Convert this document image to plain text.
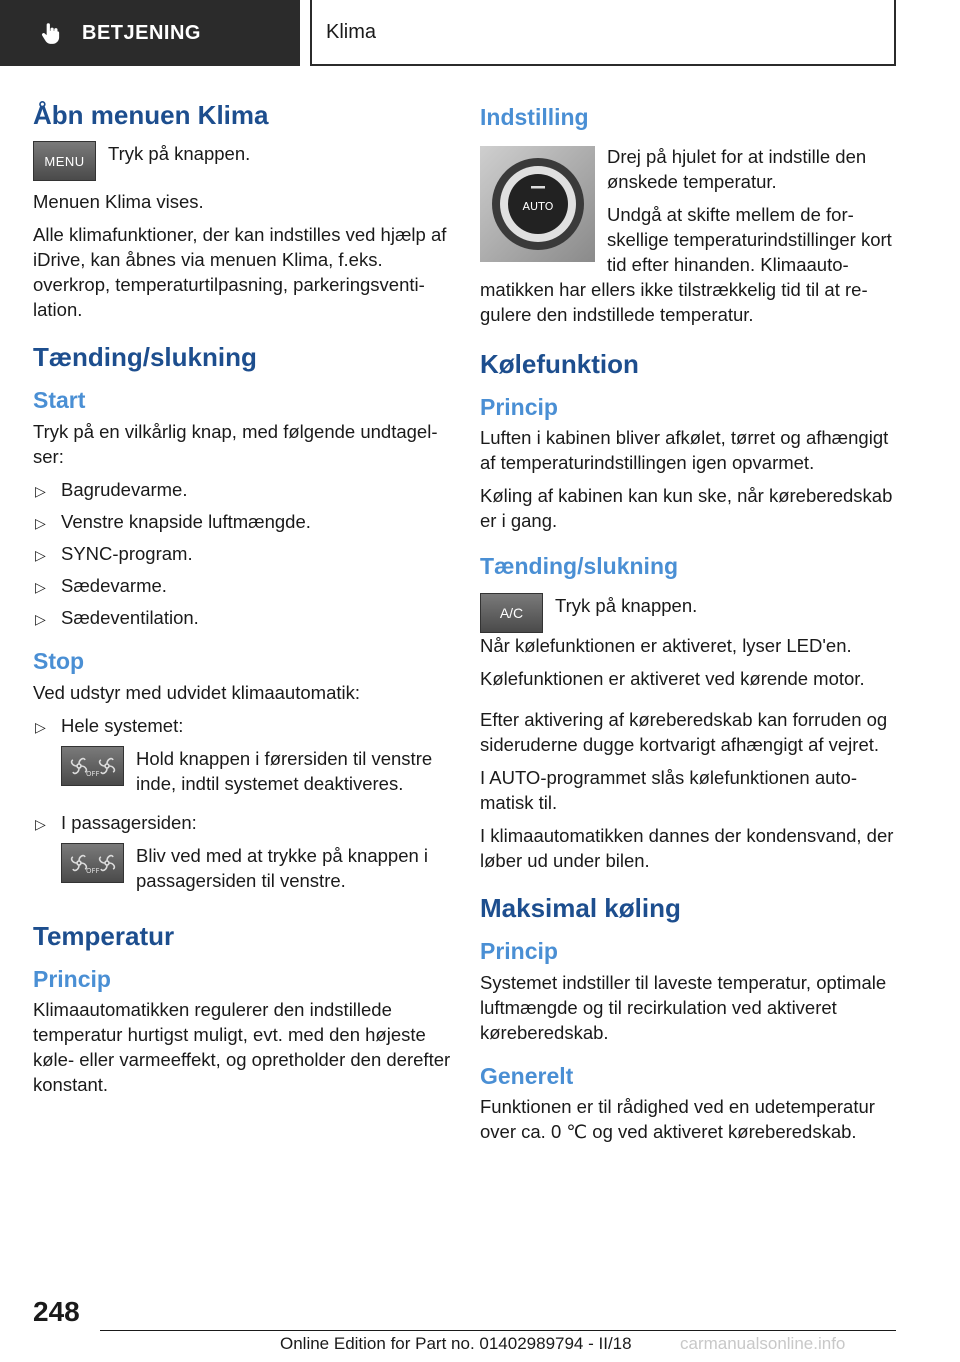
BETJENING	Klima
Åbn menuen Klima
MENU	Tryk på knappen.

Menuen Klima vises.

Alle klimafunktioner, der kan indstilles ved hjælp af iDrive, kan åbnes via menuen Klima, f.eks. overkrop, temperaturtilpasning, parkeringsventilation.

Tænding/slukning
Start

Tryk på en vilkårlig knap, med følgende undtagelser:

▷ Bagrudevarme.
▷ Venstre knapside luftmængde.
▷ SYNC-program.
▷ Sædevarme.
▷ Sædeventilation.
Stop

Ved udstyr med udvidet klimaautomatik:

▷ Hele systemet:
OFF

Hold knappen i førersiden til venstre inde, indtil systemet deaktiveres.

▷ I passagersiden:
OFF

Bliv ved med at trykke på knappen i passagersiden til venstre.

Temperatur
Princip

Klimaautomatikken regulerer den indstillede temperatur hurtigst muligt, evt. med den højeste køle- eller varmeeffekt, og opretholder den derefter konstant.

Indstilling
AUTO

Drej på hjulet for at indstille den ønskede temperatur.

Undgå at skifte mellem de forskellige temperaturindstillinger kort tid efter hinanden. Klimaautomatikken har ellers ikke tilstrækkelig tid til at regulere den indstillede temperatur.

Kølefunktion
Princip

Luften i kabinen bliver afkølet, tørret og afhængigt af temperaturindstillingen igen opvarmet.

Køling af kabinen kan kun ske, når køreberedskab er i gang.

Tænding/slukning
A/C	Tryk på knappen.

Når kølefunktionen er aktiveret, lyser LED'en.

Kølefunktionen er aktiveret ved kørende motor.

Efter aktivering af køreberedskab kan forruden og sideruderne dugge kortvarigt afhængigt af vejret.

I AUTO-programmet slås kølefunktionen automatisk til.

I klimaautomatikken dannes der kondensvand, der løber ud under bilen.

Maksimal køling
Princip

Systemet indstiller til laveste temperatur, optimale luftmængde og til recirkulation ved aktiveret køreberedskab.

Generelt

Funktionen er til rådighed ved en udetemperatur over ca. 0 ℃ og ved aktiveret køreberedskab.

248
Online Edition for Part no. 01402989794 - II/18	carmanualsonline.info
